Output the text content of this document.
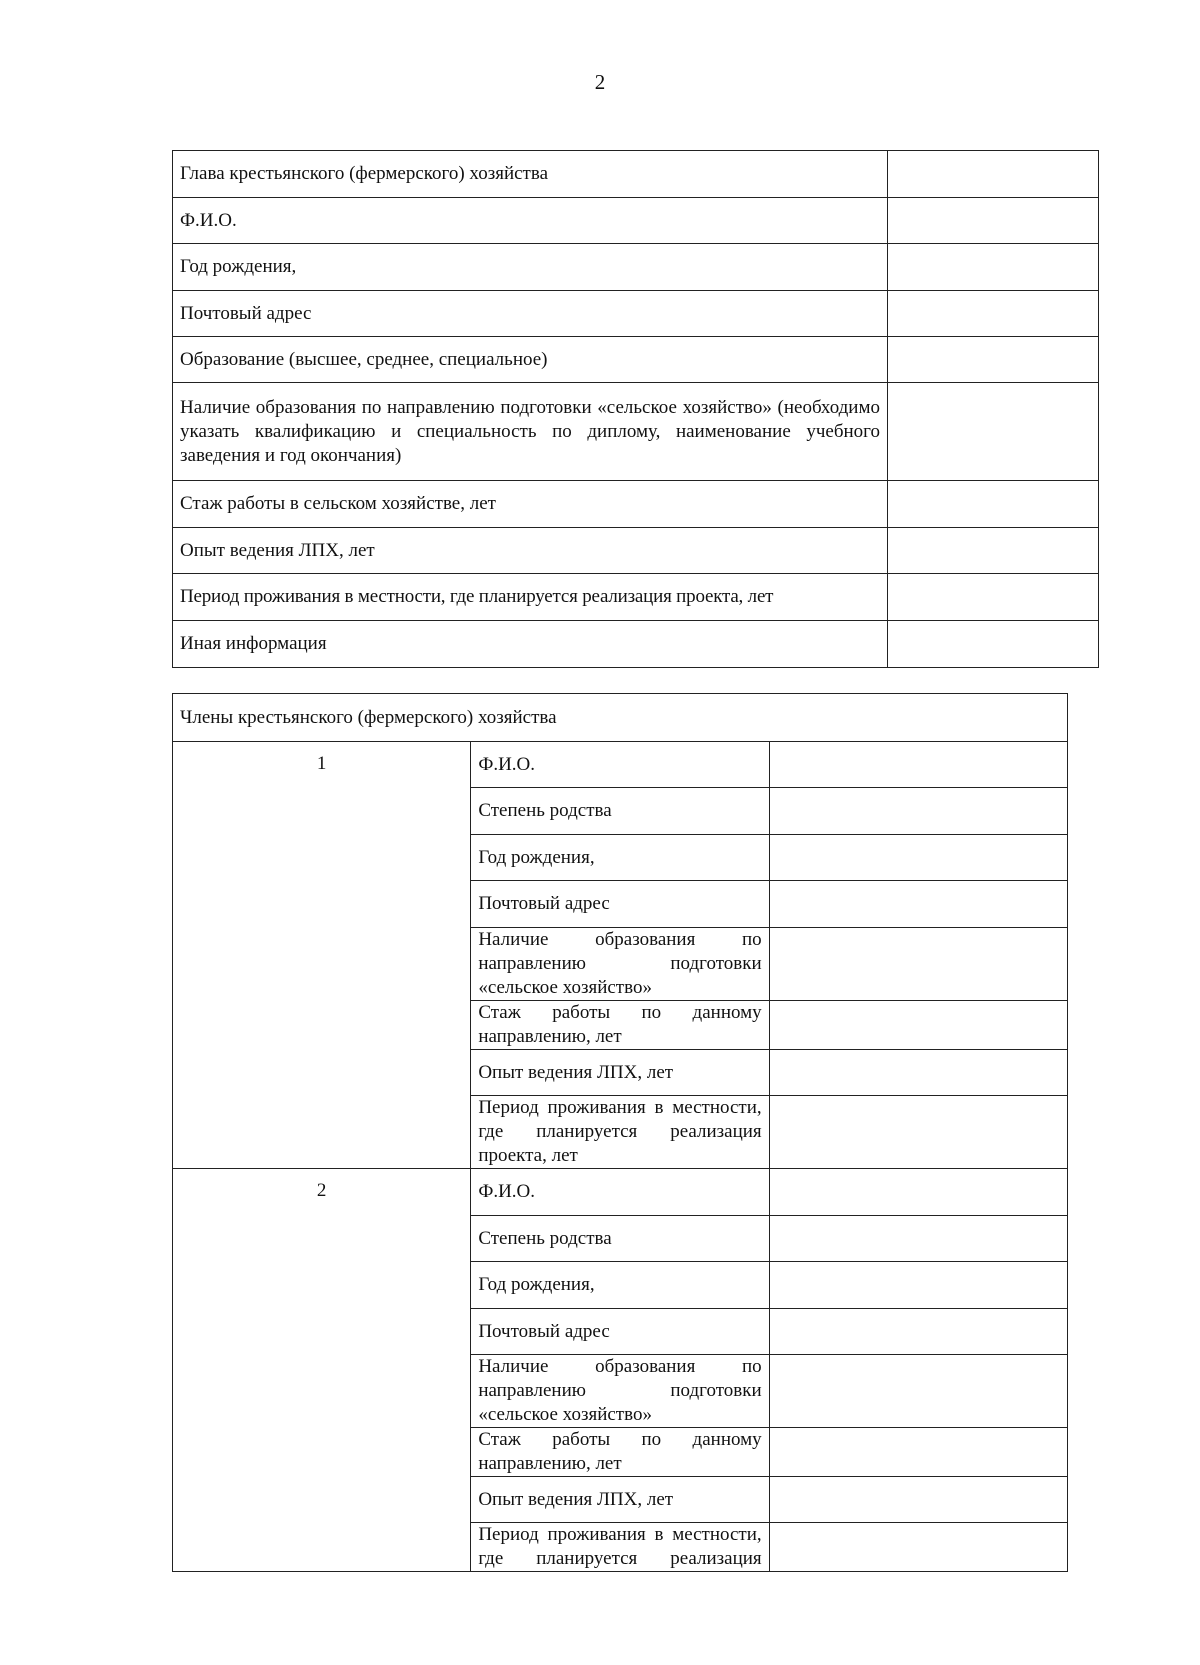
2
Глава крестьянского (фермерского) хозяйства	
Ф.И.О.	
Год рождения,	
Почтовый адрес	
Образование (высшее, среднее, специальное)	
Наличие образования по направлению подготовки «сельское хозяйство» (необходимо указать квалификацию и специальность по диплому, наименование учебного заведения и год окончания)	
Стаж работы в сельском хозяйстве, лет	
Опыт ведения ЛПХ, лет	
Период проживания в местности, где планируется реализация проекта, лет	
Иная информация	
Члены крестьянского (фермерского) хозяйства		
1	Ф.И.О.	
	Степень родства	
	Год рождения,	
	Почтовый адрес	
	Наличие образования по направлению подготовки «сельское хозяйство»	
	Стаж работы по данному направлению, лет	
	Опыт ведения ЛПХ, лет	
	Период проживания в местности, где планируется реализация проекта, лет	
2	Ф.И.О.	
	Степень родства	
	Год рождения,	
	Почтовый адрес	
	Наличие образования по направлению подготовки «сельское хозяйство»	
	Стаж работы по данному направлению, лет	
	Опыт ведения ЛПХ, лет	
	Период проживания в местности, где планируется реализация	
